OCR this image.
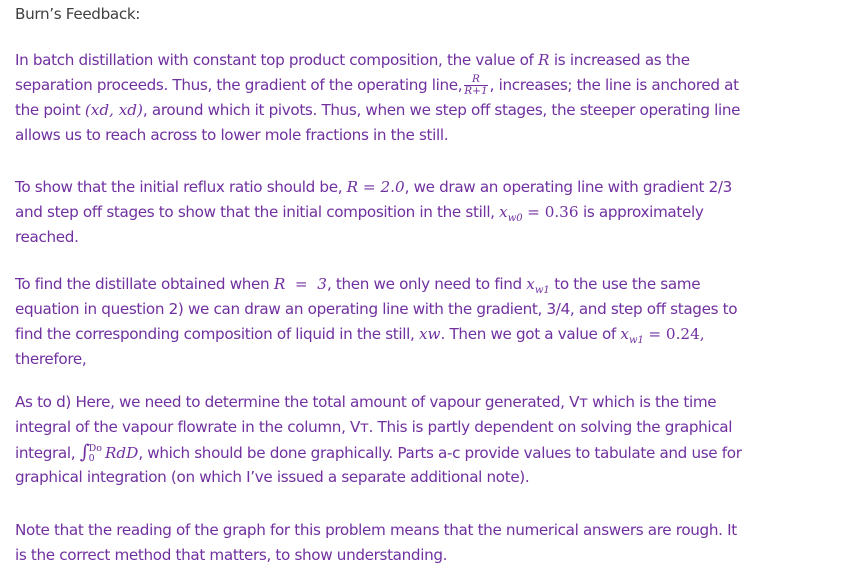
Burn’s Feedback:
In batch distillation with constant top product composition, the value of R is increased as the
separation proceeds. Thus, the gradient of the operating line, $\frac{R}{R+1}$ , increases; the line is anchored at
the point (xd, xd), around which it pivots. Thus, when we step off stages, the steeper operating line
allows us to reach across to lower mole fractions in the still.
To show that the initial reflux ratio should be, R = 2.0, we draw an operating line with gradient 2/3
and step off stages to show that the initial composition in the still, $x_{w0} = 0.36$ is approximately
reached.
To find the distillate obtained when R  =  3, then we only need to find $x_{w1}$ to the use the same
equation in question 2) we can draw an operating line with the gradient, 3/4, and step off stages to
find the corresponding composition of liquid in the still, xw. Then we got a value of $x_{w1} = 0.24$,
therefore,
As to d) Here, we need to determine the total amount of vapour generated, Vᴛ which is the time
integral of the vapour flowrate in the column, Vᴛ. This is partly dependent on solving the graphical
integral, ∫ Do
0 RdD, which should be done graphically. Parts a-c provide values to tabulate and use for
graphical integration (on which I’ve issued a separate additional note).
Note that the reading of the graph for this problem means that the numerical answers are rough. It
is the correct method that matters, to show understanding.
